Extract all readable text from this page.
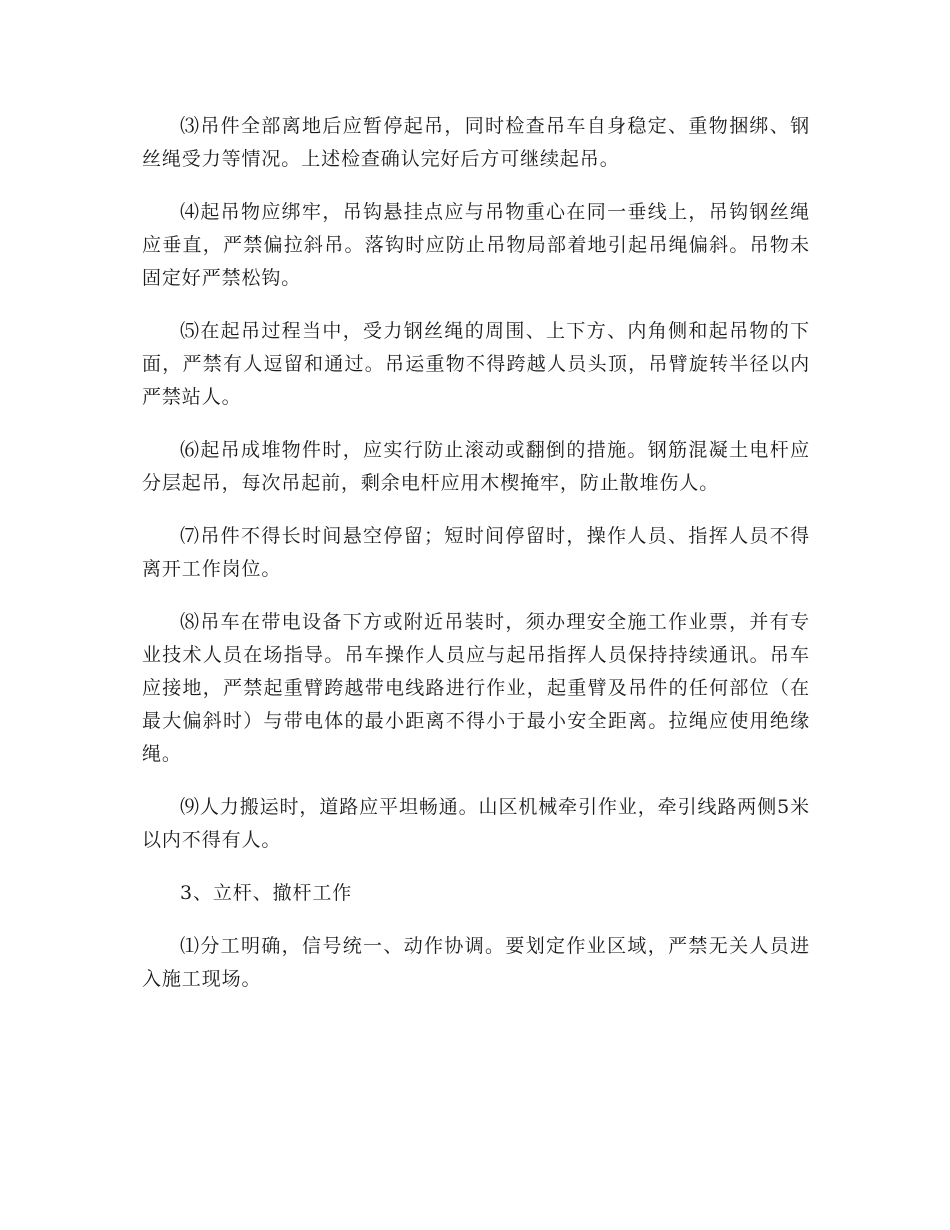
⑶吊件全部离地后应暂停起吊，同时检查吊车自身稳定、重物捆绑、钢丝绳受力等情况。上述检查确认完好后方可继续起吊。

⑷起吊物应绑牢，吊钩悬挂点应与吊物重心在同一垂线上，吊钩钢丝绳应垂直，严禁偏拉斜吊。落钩时应防止吊物局部着地引起吊绳偏斜。吊物未固定好严禁松钩。

⑸在起吊过程当中，受力钢丝绳的周围、上下方、内角侧和起吊物的下面，严禁有人逗留和通过。吊运重物不得跨越人员头顶，吊臂旋转半径以内严禁站人。

⑹起吊成堆物件时，应实行防止滚动或翻倒的措施。钢筋混凝土电杆应分层起吊，每次吊起前，剩余电杆应用木楔掩牢，防止散堆伤人。

⑺吊件不得长时间悬空停留；短时间停留时，操作人员、指挥人员不得离开工作岗位。

⑻吊车在带电设备下方或附近吊装时，须办理安全施工作业票，并有专业技术人员在场指导。吊车操作人员应与起吊指挥人员保持持续通讯。吊车应接地，严禁起重臂跨越带电线路进行作业，起重臂及吊件的任何部位（在最大偏斜时）与带电体的最小距离不得小于最小安全距离。拉绳应使用绝缘绳。

⑼人力搬运时，道路应平坦畅通。山区机械牵引作业，牵引线路两侧5米以内不得有人。

3、立杆、撤杆工作

⑴分工明确，信号统一、动作协调。要划定作业区域，严禁无关人员进入施工现场。
